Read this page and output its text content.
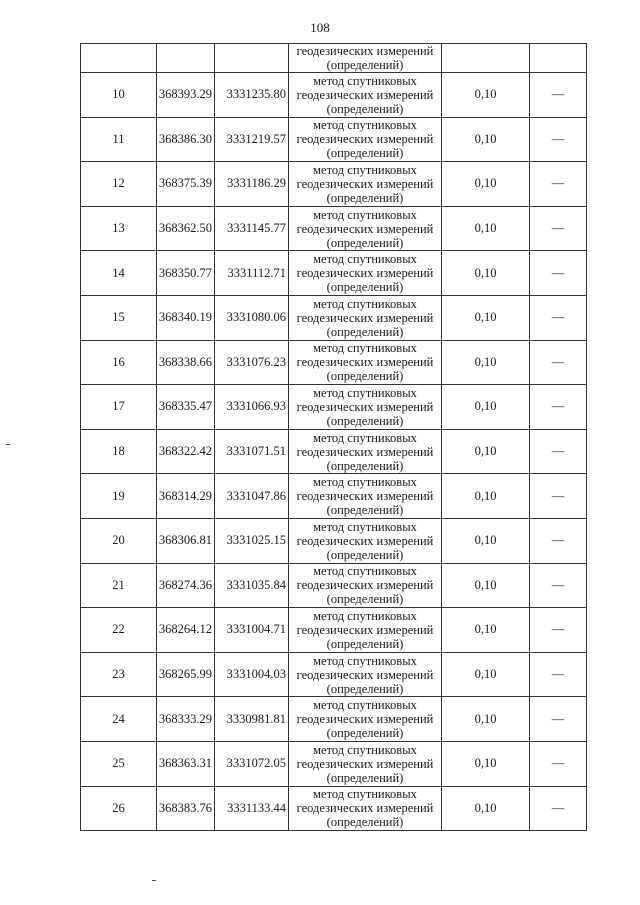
108

			геодезических измерений
(определений)		

10	368393.29	3331235.80	метод спутниковых
геодезических измерений
(определений)	0,10	—
11	368386.30	3331219.57	метод спутниковых
геодезических измерений
(определений)	0,10	—
12	368375.39	3331186.29	метод спутниковых
геодезических измерений
(определений)	0,10	—
13	368362.50	3331145.77	метод спутниковых
геодезических измерений
(определений)	0,10	—
14	368350.77	3331112.71	метод спутниковых
геодезических измерений
(определений)	0,10	—
15	368340.19	3331080.06	метод спутниковых
геодезических измерений
(определений)	0,10	—
16	368338.66	3331076.23	метод спутниковых
геодезических измерений
(определений)	0,10	—
17	368335.47	3331066.93	метод спутниковых
геодезических измерений
(определений)	0,10	—
18	368322.42	3331071.51	метод спутниковых
геодезических измерений
(определений)	0,10	—
19	368314.29	3331047.86	метод спутниковых
геодезических измерений
(определений)	0,10	—
20	368306.81	3331025.15	метод спутниковых
геодезических измерений
(определений)	0,10	—
21	368274.36	3331035.84	метод спутниковых
геодезических измерений
(определений)	0,10	—
22	368264.12	3331004.71	метод спутниковых
геодезических измерений
(определений)	0,10	—
23	368265.99	3331004.03	метод спутниковых
геодезических измерений
(определений)	0,10	—
24	368333.29	3330981.81	метод спутниковых
геодезических измерений
(определений)	0,10	—
25	368363.31	3331072.05	метод спутниковых
геодезических измерений
(определений)	0,10	—
26	368383.76	3331133.44	метод спутниковых
геодезических измерений
(определений)	0,10	—
